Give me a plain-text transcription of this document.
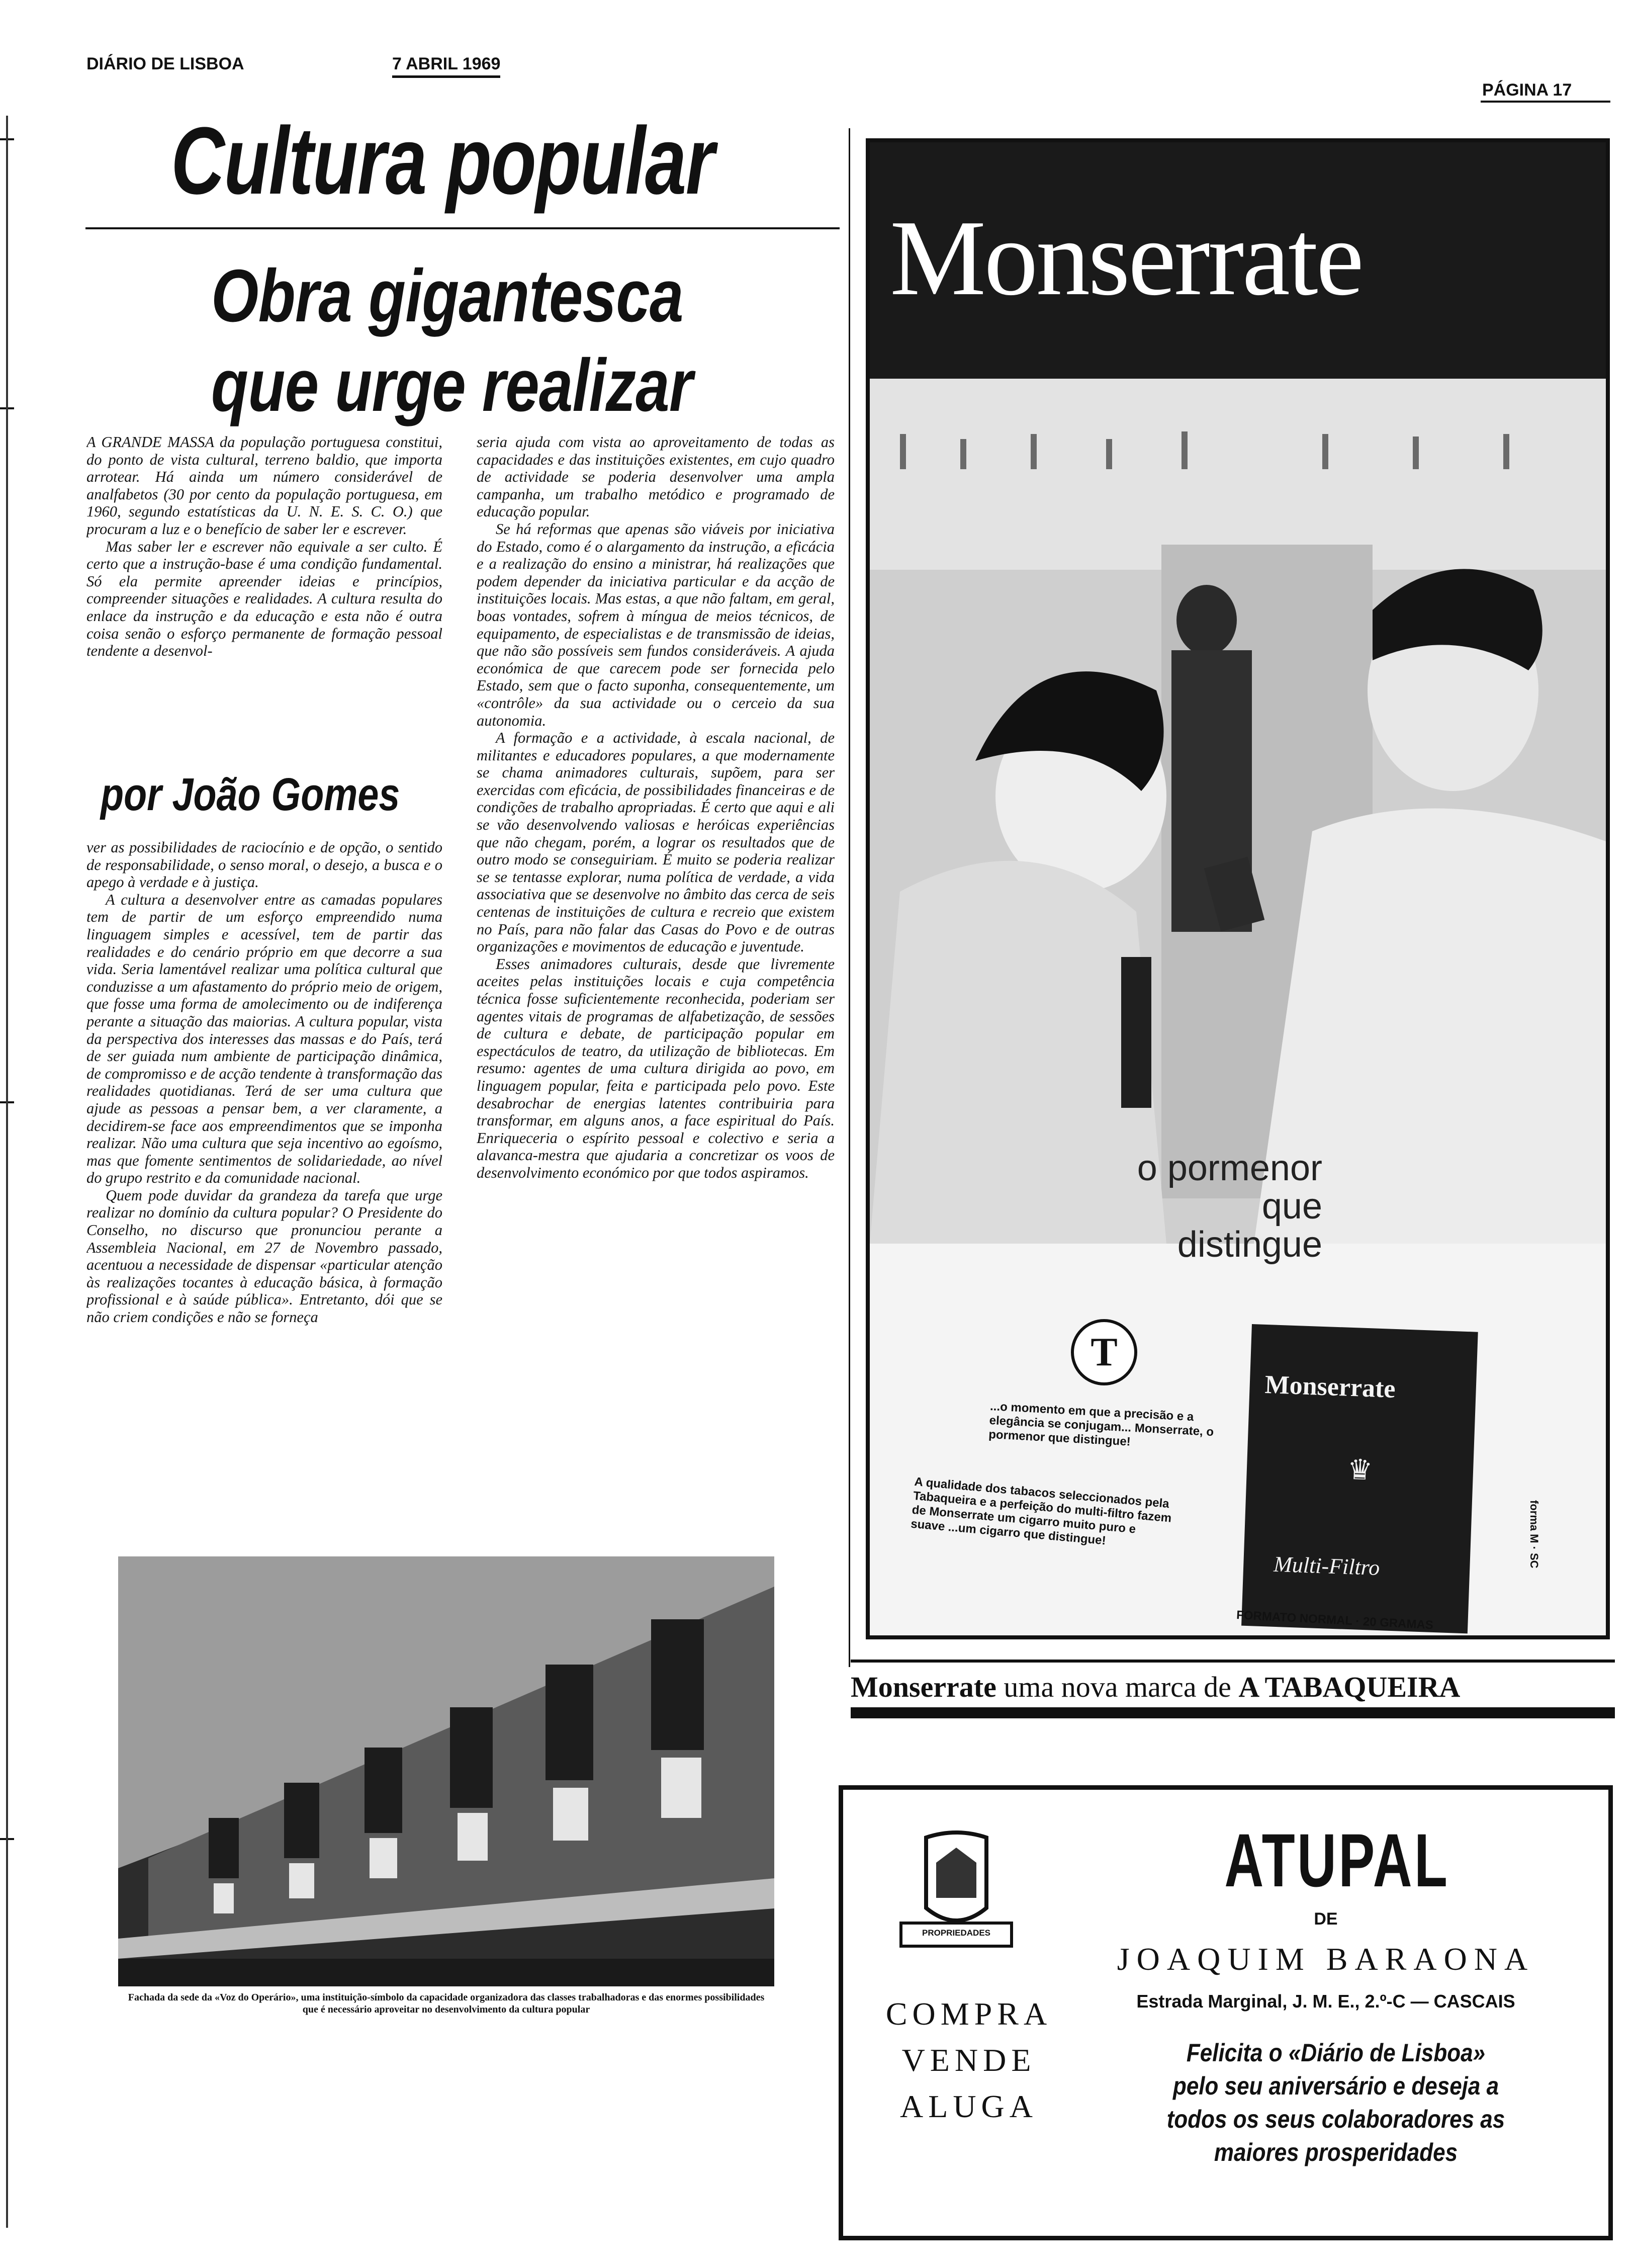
DIÁRIO DE LISBOA	7 ABRIL 1969
PÁGINA 17
Cultura popular
Obra gigantesca que urge realizar

A GRANDE MASSA da população portuguesa constitui, do ponto de vista cultural, terreno baldio, que importa arrotear. Há ainda um número considerável de analfabetos (30 por cento da população portuguesa, em 1960, segundo estatísticas da U. N. E. S. C. O.) que procuram a luz e o benefício de saber ler e escrever.

Mas saber ler e escrever não equivale a ser culto. É certo que a instrução-base é uma condição fundamental. Só ela permite apreender ideias e princípios, compreender situações e realidades. A cultura resulta do enlace da instrução e da educação e esta não é outra coisa senão o esforço permanente de formação pessoal tendente a desenvol-

por João Gomes

ver as possibilidades de raciocínio e de opção, o sentido de responsabilidade, o senso moral, o desejo, a busca e o apego à verdade e à justiça.

A cultura a desenvolver entre as camadas populares tem de partir de um esforço empreendido numa linguagem simples e acessível, tem de partir das realidades e do cenário próprio em que decorre a sua vida. Seria lamentável realizar uma política cultural que conduzisse a um afastamento do próprio meio de origem, que fosse uma forma de amolecimento ou de indiferença perante a situação das maiorias. A cultura popular, vista da perspectiva dos interesses das massas e do País, terá de ser guiada num ambiente de participação dinâmica, de compromisso e de acção tendente à transformação das realidades quotidianas. Terá de ser uma cultura que ajude as pessoas a pensar bem, a ver claramente, a decidirem-se face aos empreendimentos que se imponha realizar. Não uma cultura que seja incentivo ao egoísmo, mas que fomente sentimentos de solidariedade, ao nível do grupo restrito e da comunidade nacional.

Quem pode duvidar da grandeza da tarefa que urge realizar no domínio da cultura popular? O Presidente do Conselho, no discurso que pronunciou perante a Assembleia Nacional, em 27 de Novembro passado, acentuou a necessidade de dispensar «particular atenção às realizações tocantes à educação básica, à formação profissional e à saúde pública». Entretanto, dói que se não criem condições e não se forneça

seria ajuda com vista ao aproveitamento de todas as capacidades e das instituições existentes, em cujo quadro de actividade se poderia desenvolver uma ampla campanha, um trabalho metódico e programado de educação popular.

Se há reformas que apenas são viáveis por iniciativa do Estado, como é o alargamento da instrução, a eficácia e a realização do ensino a ministrar, há realizações que podem depender da iniciativa particular e da acção de instituições locais. Mas estas, a que não faltam, em geral, boas vontades, sofrem à míngua de meios técnicos, de equipamento, de especialistas e de transmissão de ideias, que não são possíveis sem fundos consideráveis. A ajuda económica de que carecem pode ser fornecida pelo Estado, sem que o facto suponha, consequentemente, um «contrôle» da sua actividade ou o cerceio da sua autonomia.

A formação e a actividade, à escala nacional, de militantes e educadores populares, a que modernamente se chama animadores culturais, supõem, para ser exercidas com eficácia, de possibilidades financeiras e de condições de trabalho apropriadas. É certo que aqui e ali se vão desenvolvendo valiosas e heróicas experiências que não chegam, porém, a lograr os resultados que de outro modo se conseguiriam. É muito se poderia realizar se se tentasse explorar, numa política de verdade, a vida associativa que se desenvolve no âmbito das cerca de seis centenas de instituições de cultura e recreio que existem no País, para não falar das Casas do Povo e de outras organizações e movimentos de educação e juventude.

Esses animadores culturais, desde que livremente aceites pelas instituições locais e cuja competência técnica fosse suficientemente reconhecida, poderiam ser agentes vitais de programas de alfabetização, de sessões de cultura e debate, de participação popular em espectáculos de teatro, da utilização de bibliotecas. Em resumo: agentes de uma cultura dirigida ao povo, em linguagem popular, feita e participada pelo povo. Este desabrochar de energias latentes contribuiria para transformar, em alguns anos, a face espiritual do País. Enriqueceria o espírito pessoal e colectivo e seria a alavanca-mestra que ajudaria a concretizar os voos de desenvolvimento económico por que todos aspiramos.

Fachada da sede da «Voz do Operário», uma instituição-símbolo da capacidade organizadora das classes trabalhadoras e das enormes possibilidades que é necessário aproveitar no desenvolvimento da cultura popular
Monserrate
o pormenor
que
distingue
T
...o momento em que a precisão e a elegância se conjugam... Monserrate, o pormenor que distingue!
A qualidade dos tabacos seleccionados pela Tabaqueira e a perfeição do multi-filtro fazem de Monserrate um cigarro muito puro e suave ...um cigarro que distingue!
Monserrate
♛
Multi-Filtro
FORMATO NORMAL · 20 GRAMAS
forma M · SC
Monserrate uma nova marca de A TABAQUEIRA
PROPRIEDADES
COMPRA
VENDE
ALUGA
ATUPAL
DE
JOAQUIM BARAONA
Estrada Marginal, J. M. E., 2.º-C — CASCAIS
Felicita o «Diário de Lisboa» pelo seu aniversário e deseja a todos os seus colaboradores as maiores prosperidades
